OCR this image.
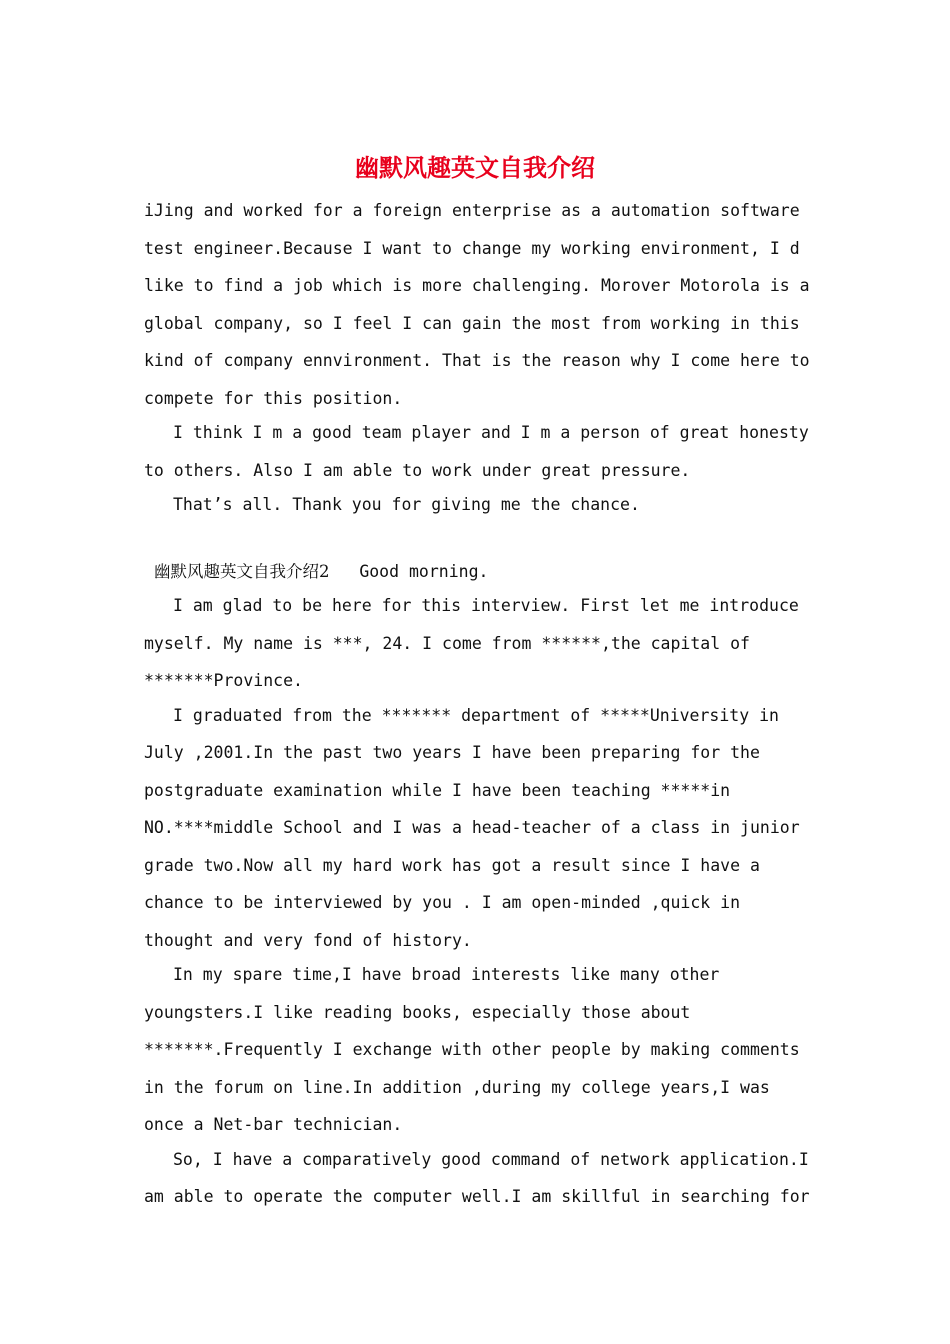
幽默风趣英文自我介绍

iJing and worked for a foreign enterprise as a automation software test engineer.Because I want to change my working environment, I d like to find a job which is more challenging. Morover Motorola is a global company, so I feel I can gain the most from working in this kind of company ennvironment. That is the reason why I come here to compete for this position.

I think I m a good team player and I m a person of great honesty to others. Also I am able to work under great pressure.

That’s all. Thank you for giving me the chance.

幽默风趣英文自我介绍2 Good morning.

I am glad to be here for this interview. First let me introduce myself. My name is ***, 24. I come from ******,the capital of *******Province.

I graduated from the ******* department of *****University in July ,2001.In the past two years I have been preparing for the postgraduate examination while I have been teaching *****in NO.****middle School and I was a head-teacher of a class in junior grade two.Now all my hard work has got a result since I have a chance to be interviewed by you . I am open-minded ,quick in thought and very fond of history.

In my spare time,I have broad interests like many other youngsters.I like reading books, especially those about *******.Frequently I exchange with other people by making comments in the forum on line.In addition ,during my college years,I was once a Net-bar technician.

So, I have a comparatively good command of network application.I am able to operate the computer well.I am skillful in searching for
